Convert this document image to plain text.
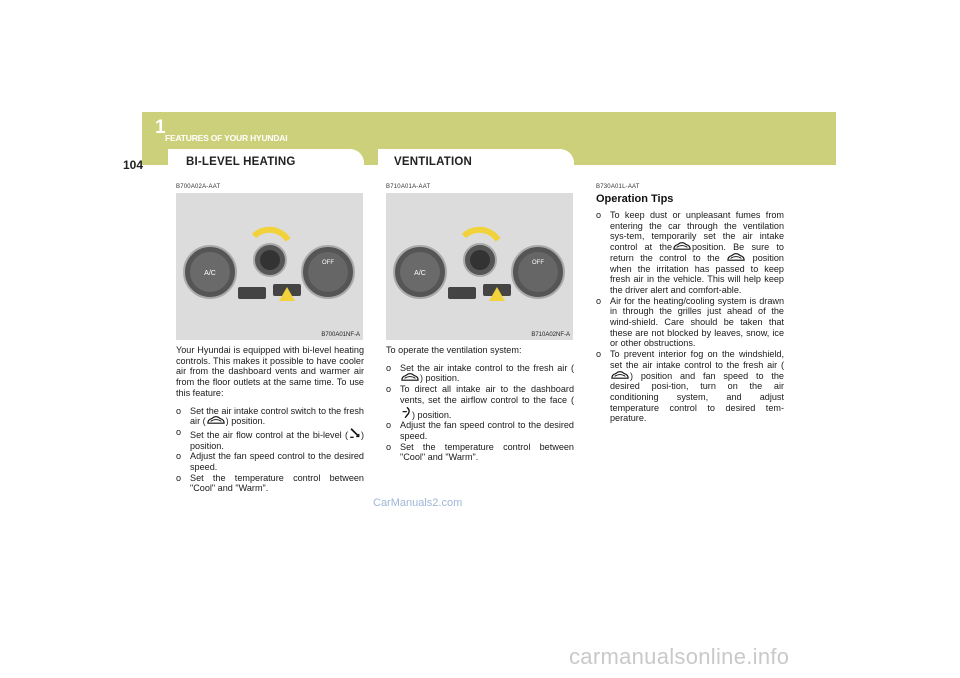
1 FEATURES OF YOUR HYUNDAI
104	BI-LEVEL HEATING	VENTILATION
A/C
OFF
B700A01NF-A
A/C
OFF
B710A02NF-A
B700A02A-AAT	B710A01A-AAT	B730A01L-AAT

Your Hyundai is equipped with bi-level heating controls. This makes it possible to have cooler air from the dashboard vents and warmer air from the floor outlets at the same time. To use this feature:

o Set the air intake control switch to the fresh air ( ) position.
o Set the air flow control at the bi-level ( ) position.
o Adjust the fan speed control to the desired speed.
o Set the temperature control between "Cool" and "Warm".

To operate the ventilation system:

o Set the air intake control to the fresh air () position.
o To direct all intake air to the dashboard vents, set the airflow control to the face () position.
o Adjust the fan speed control to the desired speed.
o Set the temperature control between "Cool" and "Warm".
Operation Tips
o To keep dust or unpleasant fumes from entering the car through the ventilation sys-tem, temporarily set the air intake control at the position. Be sure to return the control to the	position when the irritation has passed to keep fresh air in the vehicle. This will help keep the driver alert and comfort-able.
o Air for the heating/cooling system is drawn in through the grilles just ahead of the wind-shield. Care should be taken that these are not blocked by leaves, snow, ice or other obstructions.
o To prevent interior fog on the windshield, set the air intake control to the fresh air () position and fan speed to the desired posi-tion, turn on the air conditioning system, and adjust temperature control to desired tem-perature.
CarManuals2.com
carmanualsonline.info
